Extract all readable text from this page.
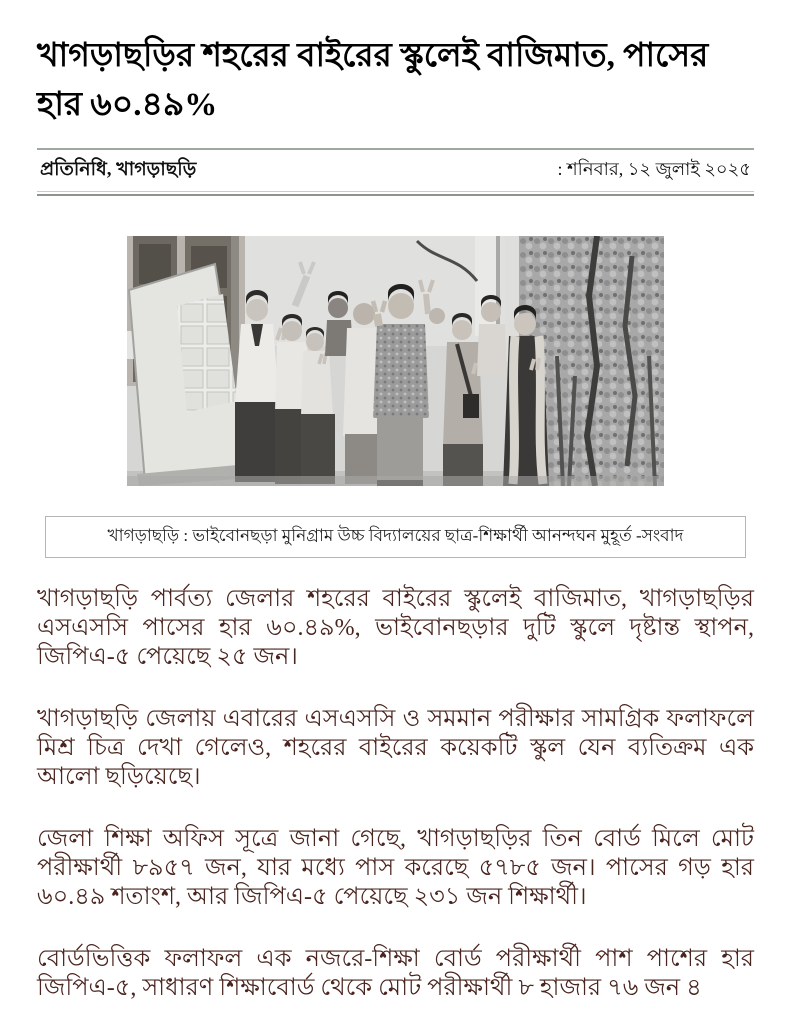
খাগড়াছড়ির শহরের বাইরের স্কুলেই বাজিমাত, পাসের হার ৬০.৪৯%
প্রতিনিধি, খাগড়াছড়ি	: শনিবার, ১২ জুলাই ২০২৫
খাগড়াছড়ি : ভাইবোনছড়া মুনিগ্রাম উচ্চ বিদ্যালয়ের ছাত্র-শিক্ষার্থী আনন্দঘন মুহূর্ত -সংবাদ

খাগড়াছড়ি পার্বত্য জেলার শহরের বাইরের স্কুলেই বাজিমাত, খাগড়াছড়ির এসএসসি পাসের হার ৬০.৪৯%, ভাইবোনছড়ার দুটি স্কুলে দৃষ্টান্ত স্থাপন, জিপিএ-৫ পেয়েছে ২৫ জন।

খাগড়াছড়ি জেলায় এবারের এসএসসি ও সমমান পরীক্ষার সামগ্রিক ফলাফলে মিশ্র চিত্র দেখা গেলেও, শহরের বাইরের কয়েকটি স্কুল যেন ব্যতিক্রম এক আলো ছড়িয়েছে।

জেলা শিক্ষা অফিস সূত্রে জানা গেছে, খাগড়াছড়ির তিন বোর্ড মিলে মোট পরীক্ষার্থী ৮৯৫৭ জন, যার মধ্যে পাস করেছে ৫৭৮৫ জন। পাসের গড় হার ৬০.৪৯ শতাংশ, আর জিপিএ-৫ পেয়েছে ২৩১ জন শিক্ষার্থী।

বোর্ডভিত্তিক ফলাফল এক নজরে-শিক্ষা বোর্ড পরীক্ষার্থী পাশ পাশের হার জিপিএ-৫, সাধারণ শিক্ষাবোর্ড থেকে মোট পরীক্ষার্থী ৮ হাজার ৭৬ জন ৪
